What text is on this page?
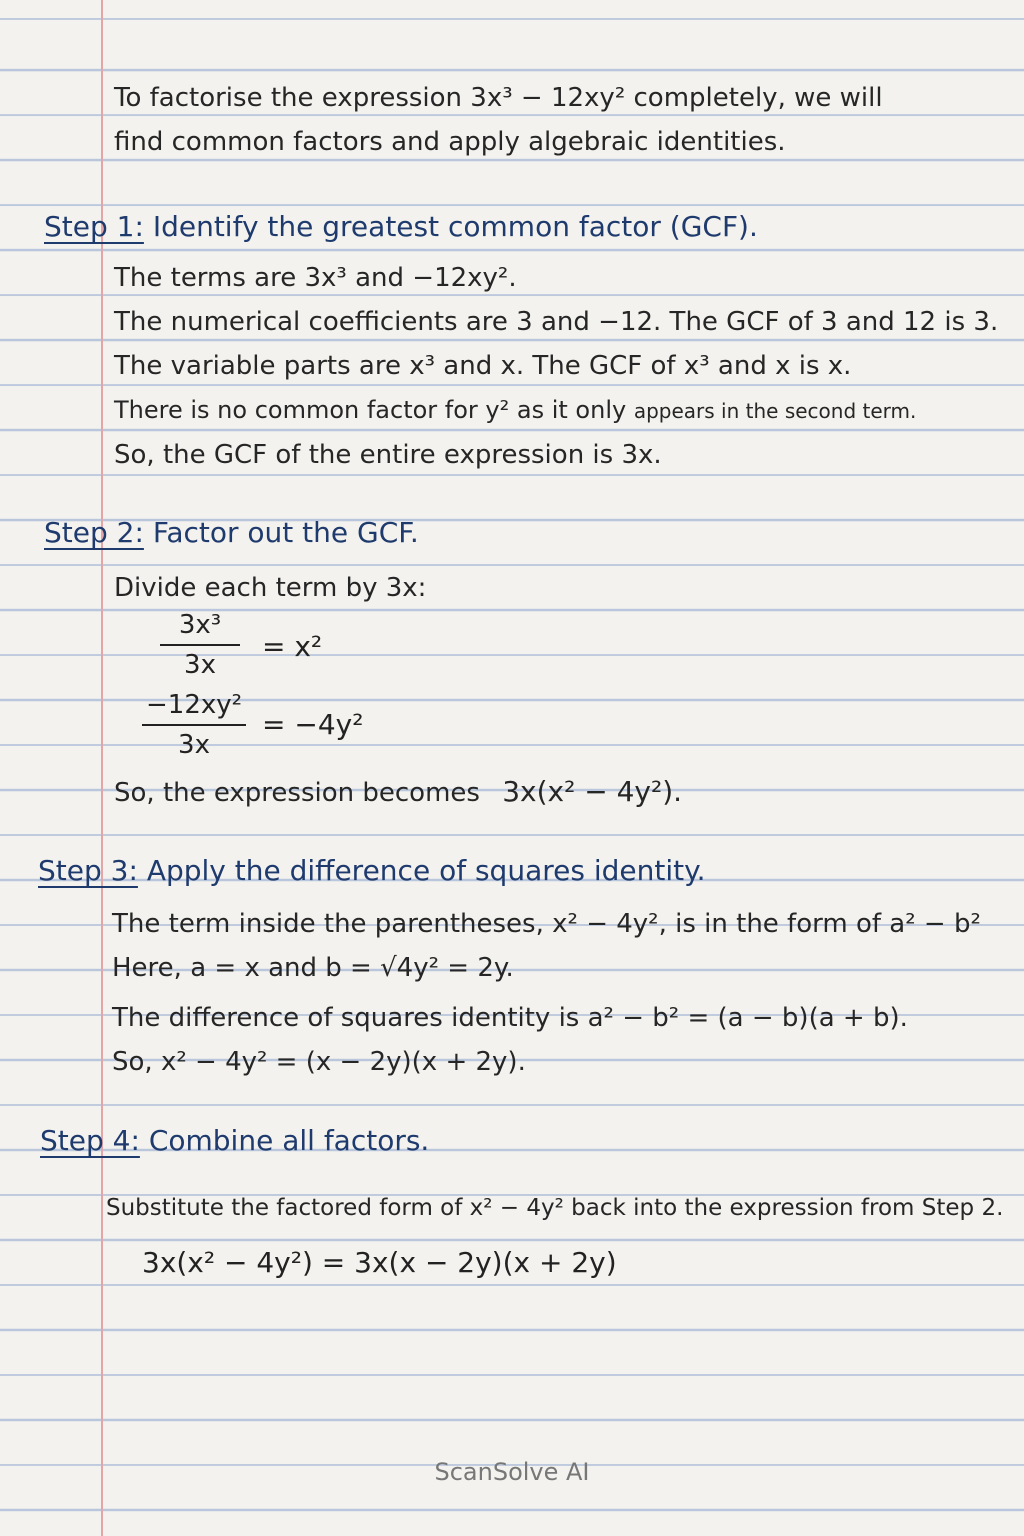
To factorise the expression 3x³ − 12xy² completely, we will
find common factors and apply algebraic identities.
Step 1: Identify the greatest common factor (GCF).
The terms are 3x³ and −12xy².
The numerical coefficients are 3 and −12. The GCF of 3 and 12 is 3.
The variable parts are x³ and x. The GCF of x³ and x is x.
There is no common factor for y² as it only appears in the second term.
So, the GCF of the entire expression is 3x.
Step 2: Factor out the GCF.
Divide each term by 3x:
$\frac{\text{3x³}}{3x} = x^2$
$\frac{\text{−12xy²}}{3x} = -4y^2$
So, the expression becomes 3x(x² − 4y²).
Step 3: Apply the difference of squares identity.
The term inside the parentheses, x² − 4y², is in the form of a² − b²
Here, a = x and b = √4y² = 2y.
The difference of squares identity is a² − b² = (a − b)(a + b).
So, x² − 4y² = (x − 2y)(x + 2y).
Step 4: Combine all factors.
Substitute the factored form of x² − 4y² back into the expression from Step 2.
3x(x² − 4y²) = 3x(x − 2y)(x + 2y)
ScanSolve AI
